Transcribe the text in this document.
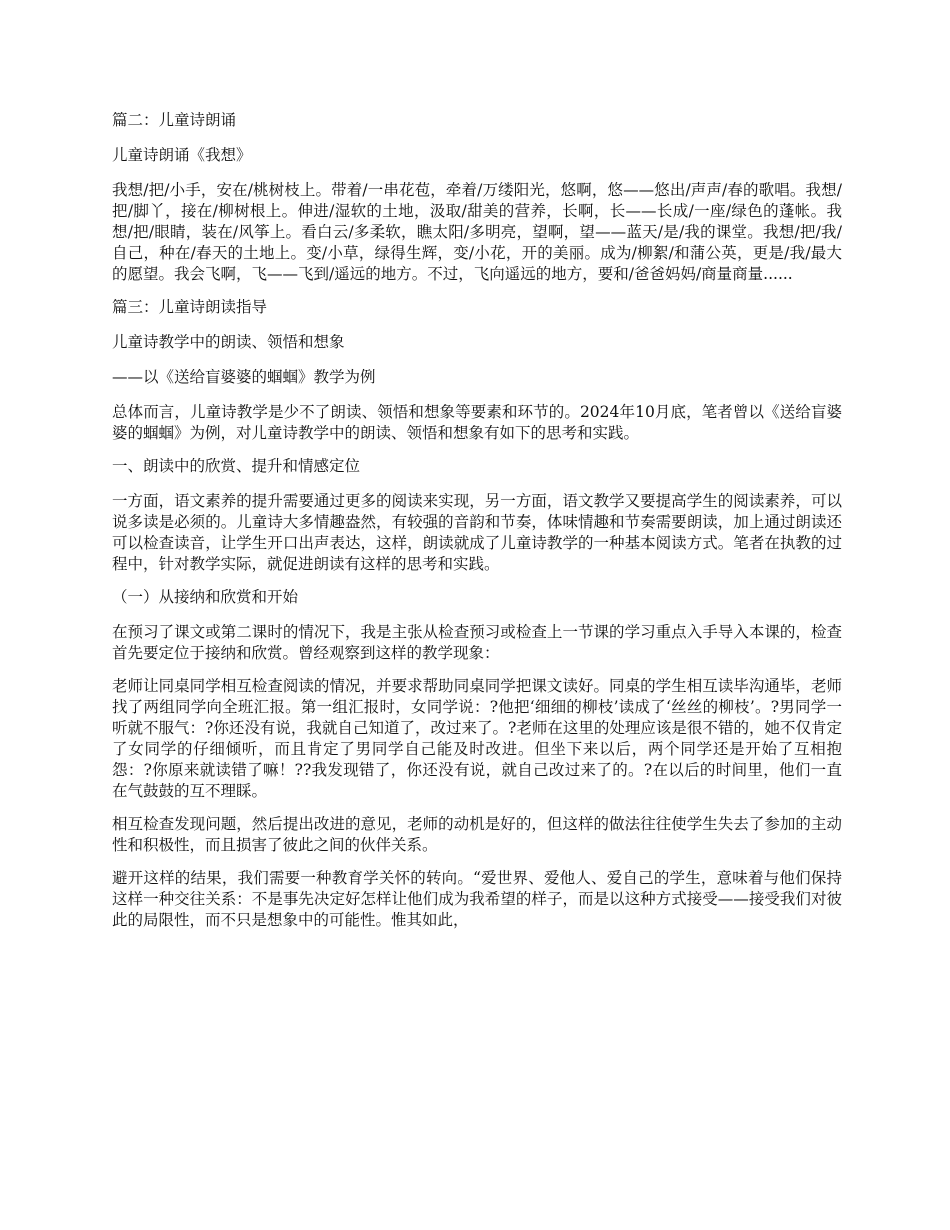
篇二：儿童诗朗诵

儿童诗朗诵《我想》

我想/把/小手，安在/桃树枝上。带着/一串花苞，牵着/万缕阳光，悠啊，悠——悠出/声声/春的歌唱。我想/把/脚丫，接在/柳树根上。伸进/湿软的土地，汲取/甜美的营养，长啊，长——长成/一座/绿色的蓬帐。我想/把/眼睛，装在/风筝上。看白云/多柔软，瞧太阳/多明亮，望啊，望——蓝天/是/我的课堂。我想/把/我/自己，种在/春天的土地上。变/小草，绿得生辉，变/小花，开的美丽。成为/柳絮/和蒲公英，更是/我/最大的愿望。我会飞啊，飞——飞到/遥远的地方。不过，飞向遥远的地方，要和/爸爸妈妈/商量商量......

篇三：儿童诗朗读指导

儿童诗教学中的朗读、领悟和想象

——以《送给盲婆婆的蝈蝈》教学为例

总体而言，儿童诗教学是少不了朗读、领悟和想象等要素和环节的。2024年10月底，笔者曾以《送给盲婆婆的蝈蝈》为例，对儿童诗教学中的朗读、领悟和想象有如下的思考和实践。

一、朗读中的欣赏、提升和情感定位

一方面，语文素养的提升需要通过更多的阅读来实现，另一方面，语文教学又要提高学生的阅读素养，可以说多读是必须的。儿童诗大多情趣盎然，有较强的音韵和节奏，体味情趣和节奏需要朗读，加上通过朗读还可以检查读音，让学生开口出声表达，这样，朗读就成了儿童诗教学的一种基本阅读方式。笔者在执教的过程中，针对教学实际，就促进朗读有这样的思考和实践。

（一）从接纳和欣赏和开始

在预习了课文或第二课时的情况下，我是主张从检查预习或检查上一节课的学习重点入手导入本课的，检查首先要定位于接纳和欣赏。曾经观察到这样的教学现象：

老师让同桌同学相互检查阅读的情况，并要求帮助同桌同学把课文读好。同桌的学生相互读毕沟通毕，老师找了两组同学向全班汇报。第一组汇报时，女同学说：?他把‘细细的柳枝’读成了‘丝丝的柳枝’。?男同学一听就不服气：?你还没有说，我就自己知道了，改过来了。?老师在这里的处理应该是很不错的，她不仅肯定了女同学的仔细倾听，而且肯定了男同学自己能及时改进。但坐下来以后，两个同学还是开始了互相抱怨：?你原来就读错了嘛！??我发现错了，你还没有说，就自己改过来了的。?在以后的时间里，他们一直在气鼓鼓的互不理睬。

相互检查发现问题，然后提出改进的意见，老师的动机是好的，但这样的做法往往使学生失去了参加的主动性和积极性，而且损害了彼此之间的伙伴关系。

避开这样的结果，我们需要一种教育学关怀的转向。“爱世界、爱他人、爱自己的学生，意味着与他们保持这样一种交往关系：不是事先决定好怎样让他们成为我希望的样子，而是以这种方式接受——接受我们对彼此的局限性，而不只是想象中的可能性。惟其如此，
